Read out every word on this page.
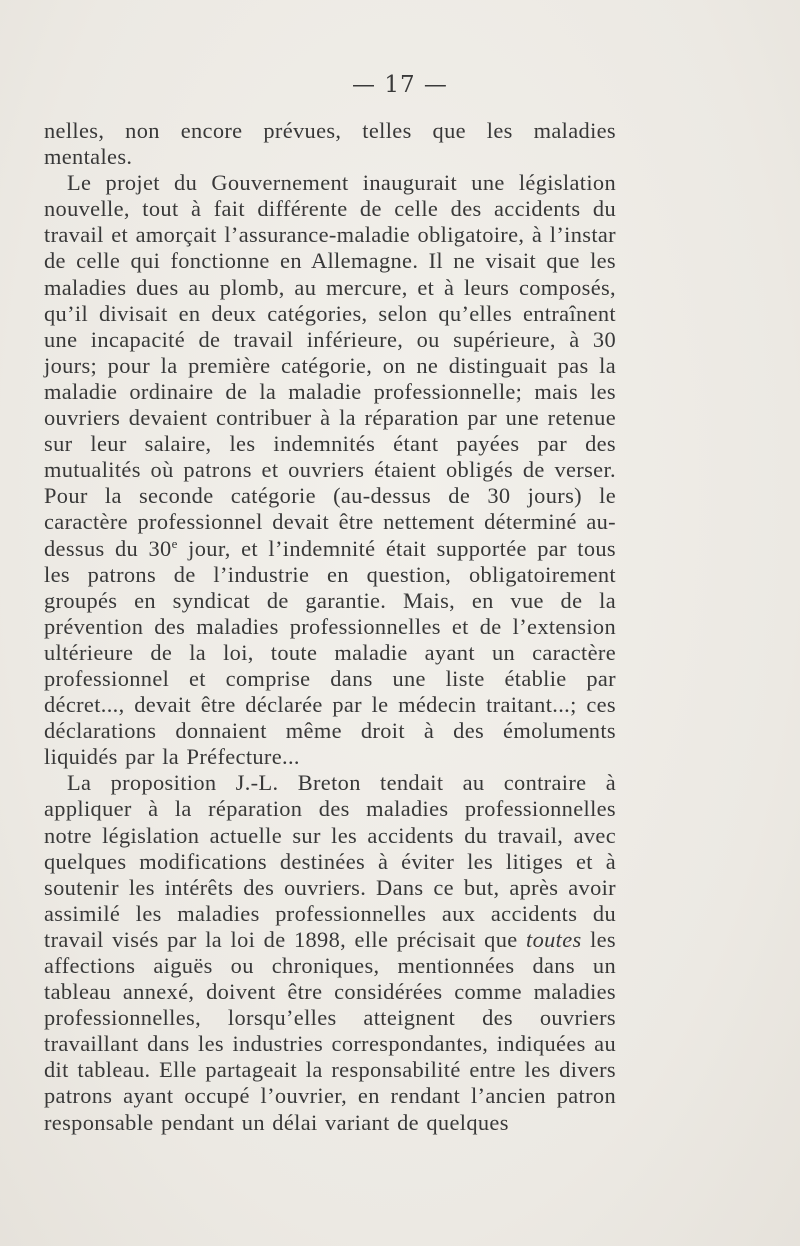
— 17 —

nelles, non encore prévues, telles que les maladies mentales.

Le projet du Gouvernement inaugurait une législation nouvelle, tout à fait différente de celle des accidents du travail et amorçait l’assurance-maladie obligatoire, à l’instar de celle qui fonctionne en Allemagne. Il ne visait que les maladies dues au plomb, au mercure, et à leurs composés, qu’il divisait en deux catégories, selon qu’elles entraînent une incapacité de travail inférieure, ou supérieure, à 30 jours; pour la première catégorie, on ne distinguait pas la maladie ordinaire de la maladie professionnelle; mais les ouvriers devaient contribuer à la réparation par une retenue sur leur salaire, les indemnités étant payées par des mutualités où patrons et ouvriers étaient obligés de verser. Pour la seconde catégorie (au-dessus de 30 jours) le caractère professionnel devait être nettement déterminé au-dessus du 30e jour, et l’indemnité était supportée par tous les patrons de l’industrie en question, obligatoirement groupés en syndicat de garantie. Mais, en vue de la prévention des maladies professionnelles et de l’extension ultérieure de la loi, toute maladie ayant un caractère professionnel et comprise dans une liste établie par décret..., devait être déclarée par le médecin traitant...; ces déclarations donnaient même droit à des émoluments liquidés par la Préfecture...

La proposition J.-L. Breton tendait au contraire à appliquer à la réparation des maladies professionnelles notre législation actuelle sur les accidents du travail, avec quelques modifications destinées à éviter les litiges et à soutenir les intérêts des ouvriers. Dans ce but, après avoir assimilé les maladies professionnelles aux accidents du travail visés par la loi de 1898, elle précisait que toutes les affections aiguës ou chroniques, mentionnées dans un tableau annexé, doivent être considérées comme maladies professionnelles, lorsqu’elles atteignent des ouvriers travaillant dans les industries correspondantes, indiquées au dit tableau. Elle partageait la responsabilité entre les divers patrons ayant occupé l’ouvrier, en rendant l’ancien patron responsable pendant un délai variant de quelques
